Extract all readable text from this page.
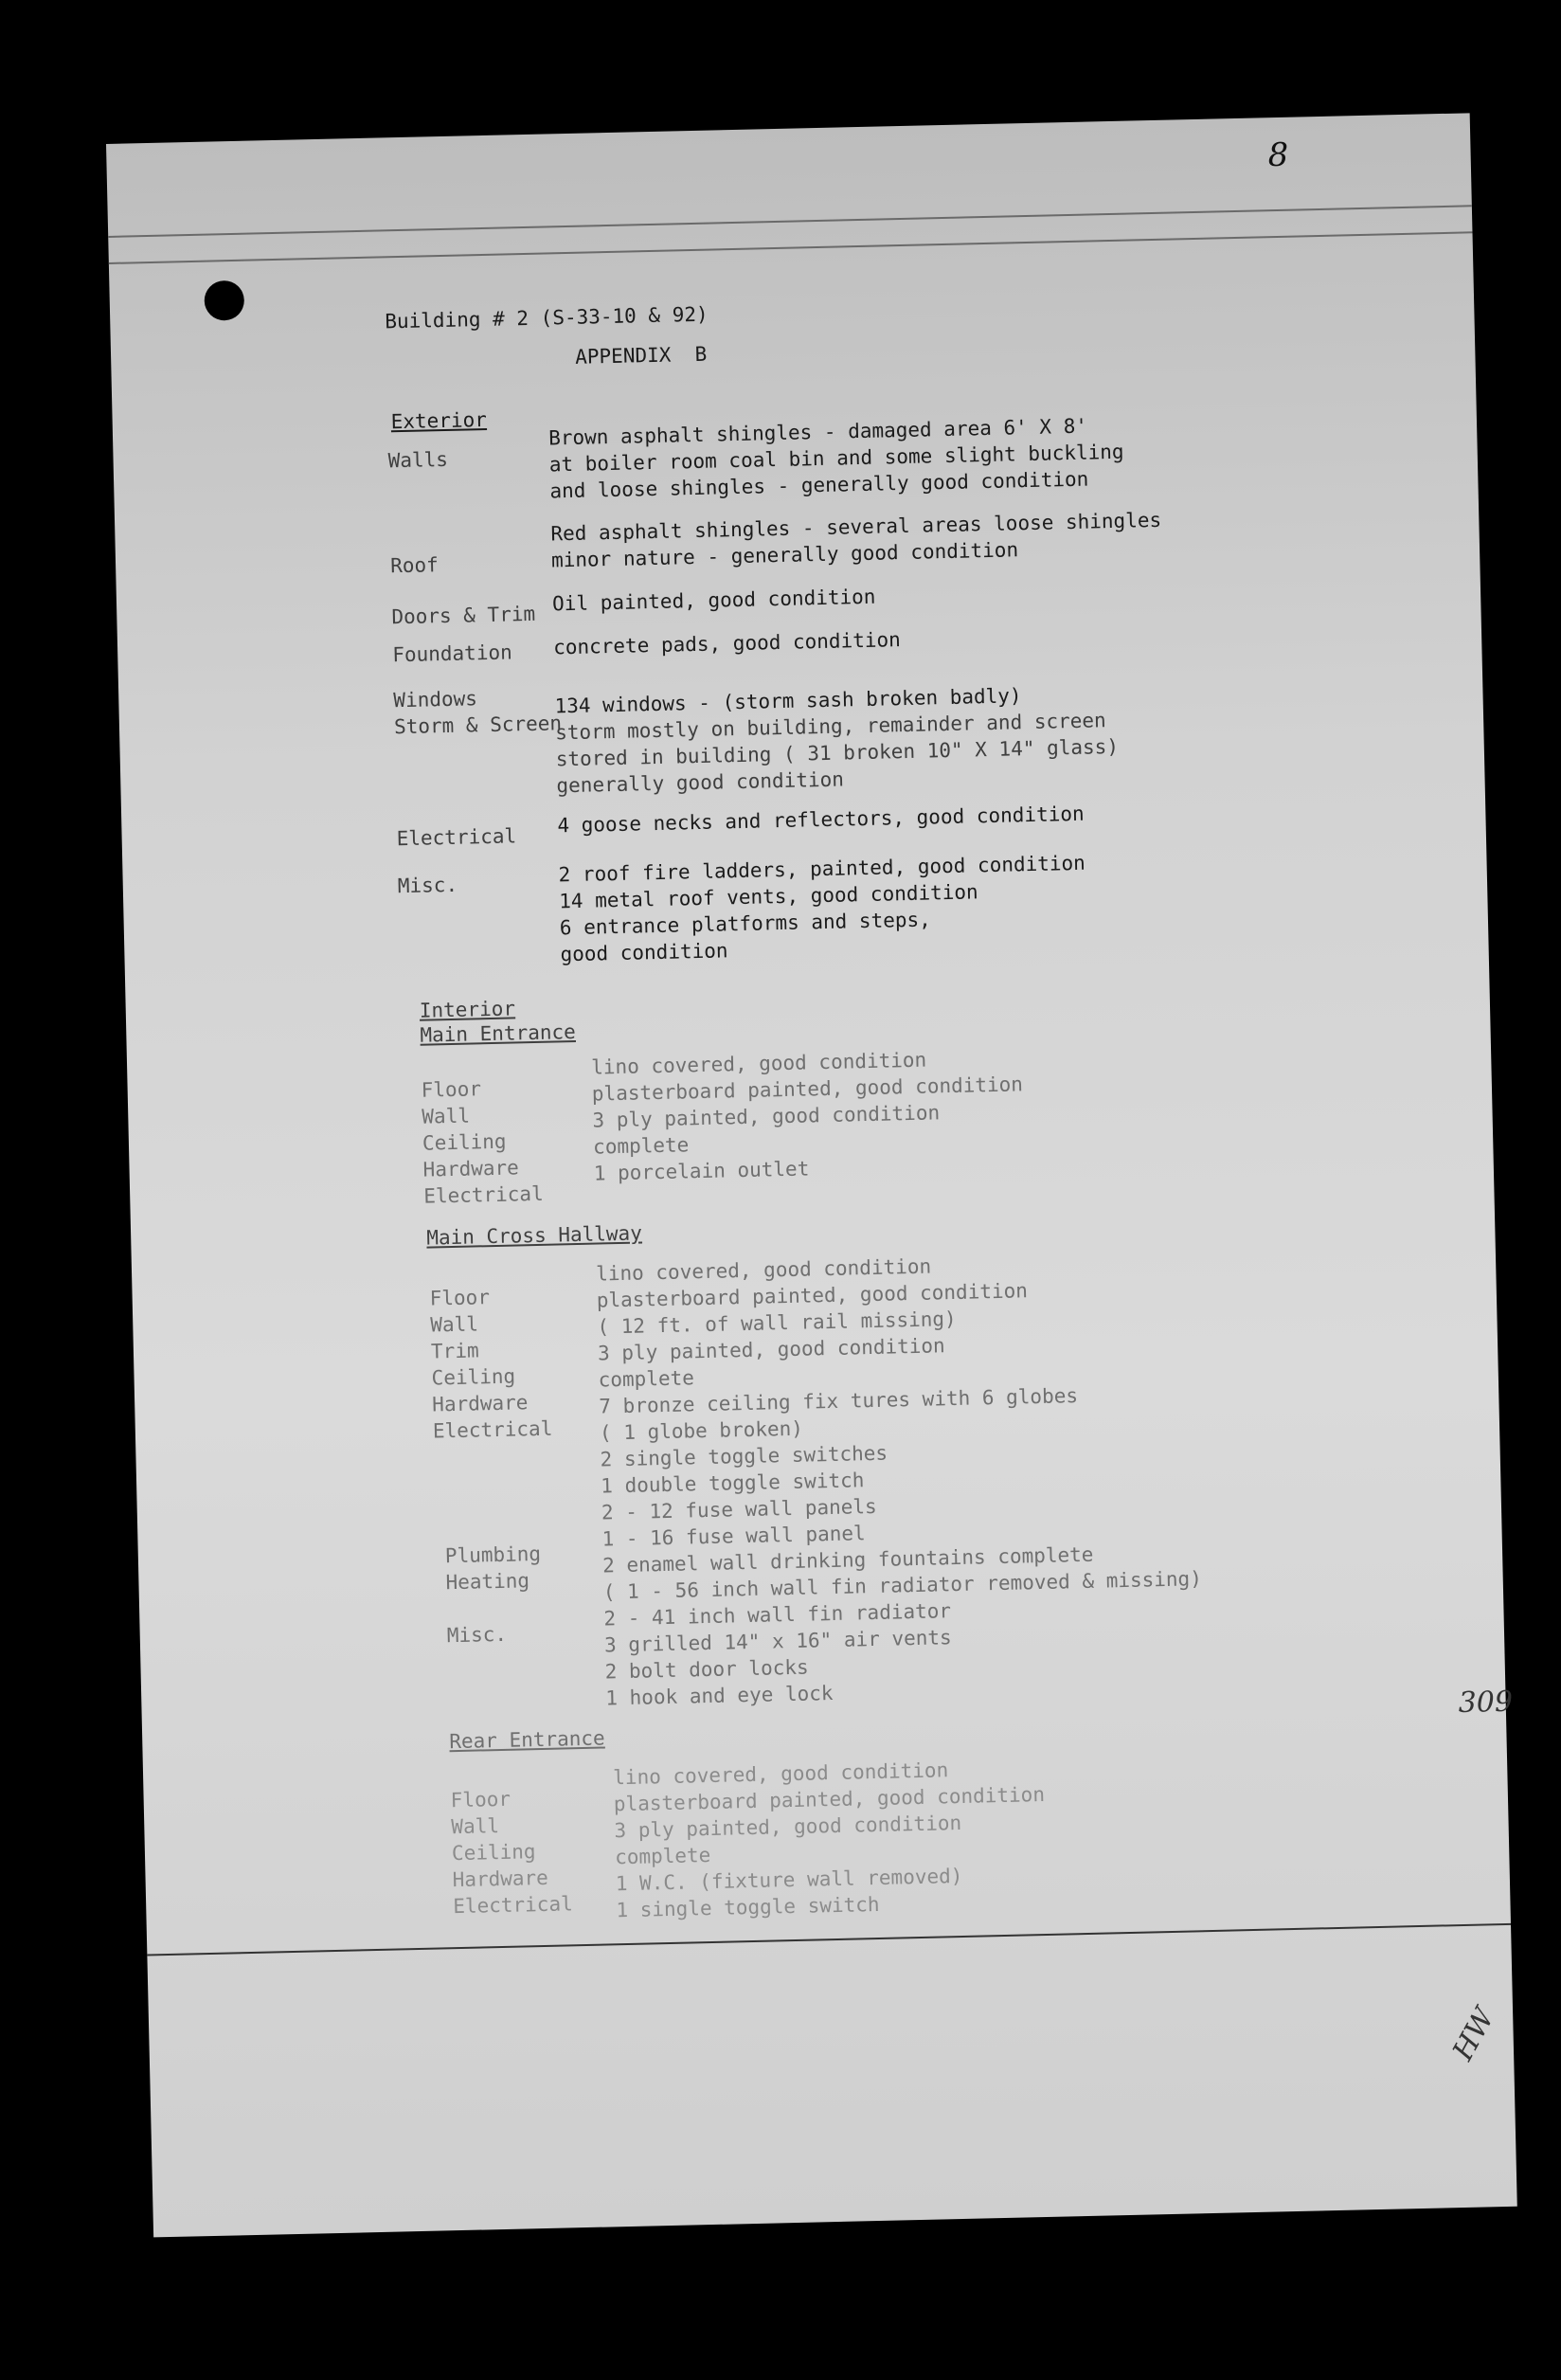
8
Building # 2 (S-33-10 & 92)
APPENDIX  B
Exterior
Walls
Brown asphalt shingles - damaged area 6' X 8'
at boiler room coal bin and some slight buckling
and loose shingles - generally good condition
Roof
Red asphalt shingles - several areas loose shingles
minor nature - generally good condition
Doors & Trim
Oil painted, good condition
Foundation concrete pads, good condition
Windows
Storm & Screen
134 windows - (storm sash broken badly)
storm mostly on building, remainder and screen
stored in building ( 31 broken 10" X 14" glass)
generally good condition
Electrical
4 goose necks and reflectors, good condition
Misc.	2 roof fire ladders, painted, good condition
14 metal roof vents, good condition
6 entrance platforms and steps,
good condition
Interior
Main Entrance
Floor
Wall
Ceiling
Hardware
Electrical
lino covered, good condition
plasterboard painted, good condition
3 ply painted, good condition
complete
1 porcelain outlet
Main Cross Hallway
Floor
Wall
Trim
Ceiling
Hardware
Electrical
Plumbing
Heating

Misc.
lino covered, good condition
plasterboard painted, good condition
( 12 ft. of wall rail missing)
3 ply painted, good condition
complete
7 bronze ceiling fix tures with 6 globes
( 1 globe broken)
2 single toggle switches
1 double toggle switch
2 - 12 fuse wall panels
1 - 16 fuse wall panel
2 enamel wall drinking fountains complete
( 1 - 56 inch wall fin radiator removed & missing)
2 - 41 inch wall fin radiator
3 grilled 14" x 16" air vents
2 bolt door locks
1 hook and eye lock
Rear Entrance
Floor
Wall
Ceiling
Hardware
Electrical
lino covered, good condition
plasterboard painted, good condition
3 ply painted, good condition
complete
1 W.C. (fixture wall removed)
1 single toggle switch
309
HW
